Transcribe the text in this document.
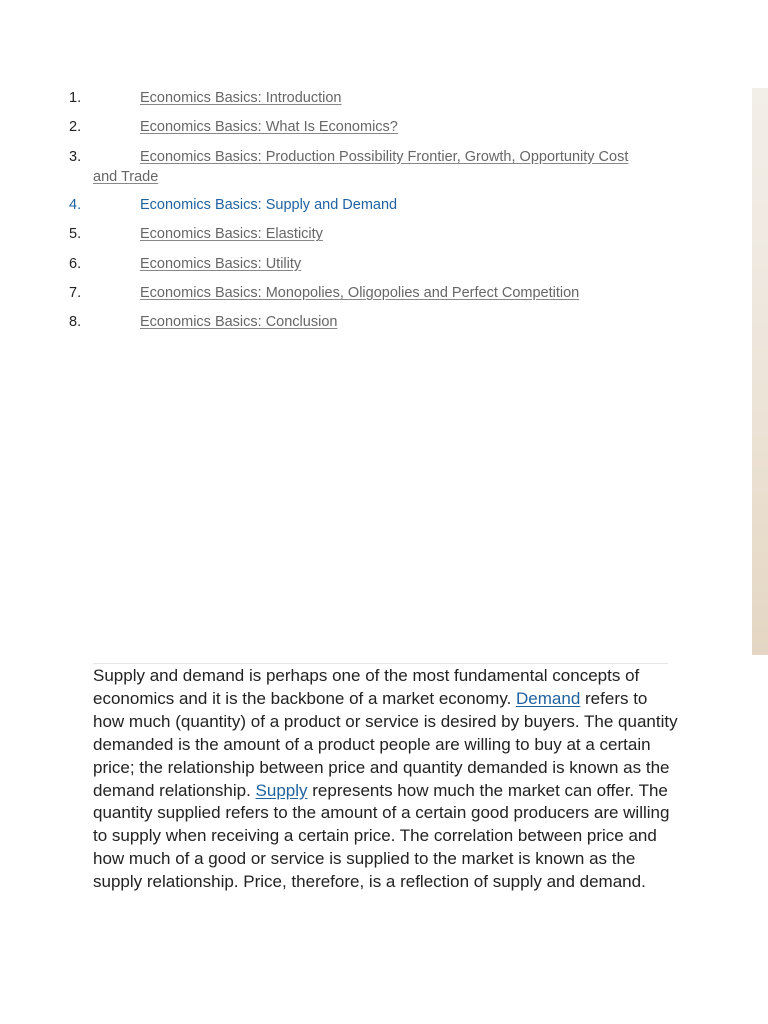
1.	Economics Basics: Introduction
2.	Economics Basics: What Is Economics?
3.	Economics Basics: Production Possibility Frontier, Growth, Opportunity Cost and Trade
4.	Economics Basics: Supply and Demand
5.	Economics Basics: Elasticity
6.	Economics Basics: Utility
7.	Economics Basics: Monopolies, Oligopolies and Perfect Competition
8.	Economics Basics: Conclusion

Supply and demand is perhaps one of the most fundamental concepts of economics and it is the backbone of a market economy. Demand refers to how much (quantity) of a product or service is desired by buyers. The quantity demanded is the amount of a product people are willing to buy at a certain price; the relationship between price and quantity demanded is known as the demand relationship. Supply represents how much the market can offer. The quantity supplied refers to the amount of a certain good producers are willing to supply when receiving a certain price. The correlation between price and how much of a good or service is supplied to the market is known as the supply relationship. Price, therefore, is a reflection of supply and demand.
